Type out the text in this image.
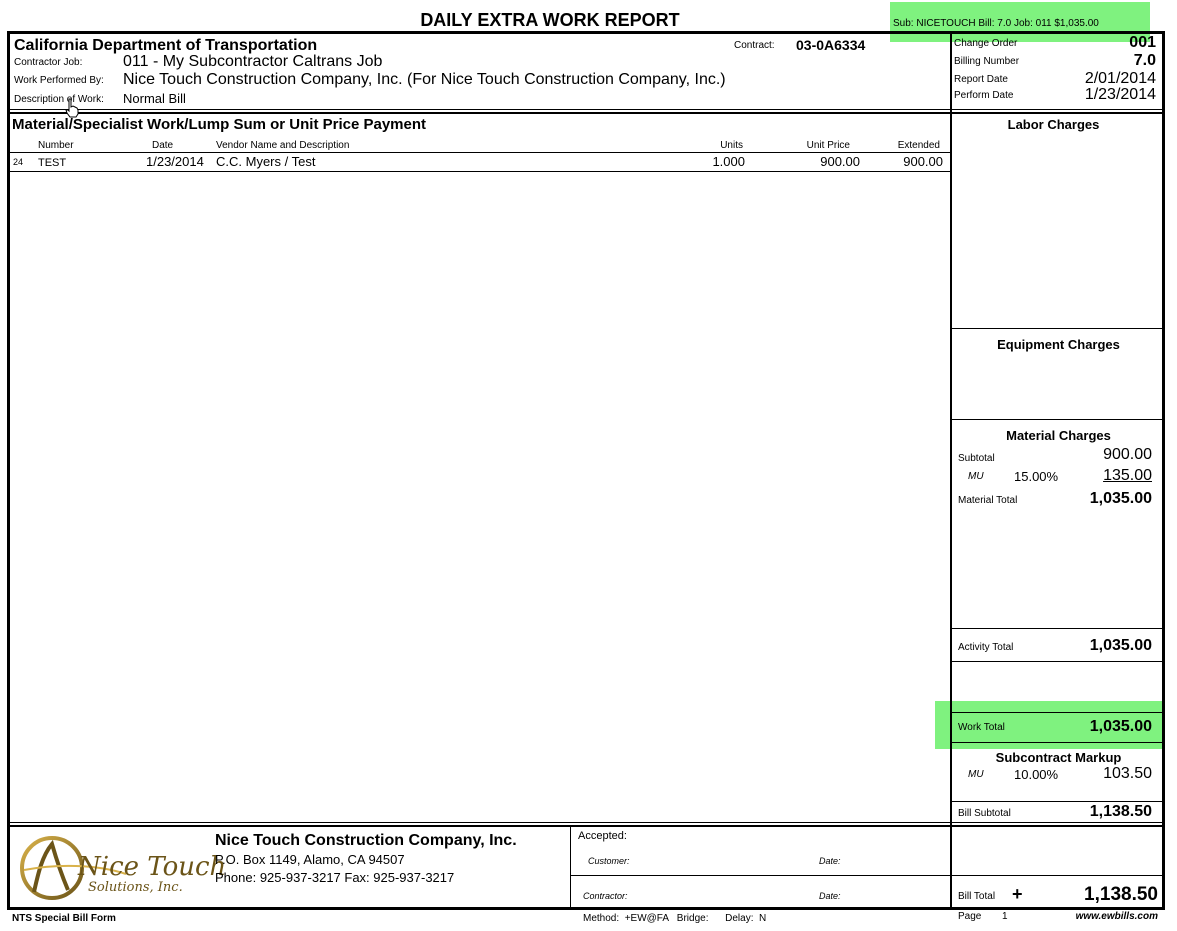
DAILY EXTRA WORK REPORT	Sub: NICETOUCH Bill: 7.0 Job: 011 $1,035.00
California Department of Transportation	Contract: 03-0A6334
Contractor Job:	011 - My Subcontractor Caltrans Job
Work Performed By: Nice Touch Construction Company, Inc. (For Nice Touch Construction Company, Inc.)
Description of Work: Normal Bill
Change Order	001
Billing Number	7.0
Report Date	2/01/2014
Perform Date	1/23/2014
Material/Specialist Work/Lump Sum or Unit Price Payment
Number	Date	Vendor Name and Description	Units	Unit Price	Extended
24 TEST	1/23/2014 C.C. Myers / Test	1.000	900.00	900.00
Labor Charges
Equipment Charges
Material Charges
Subtotal	900.00
MU 15.00%	135.00
Material Total	1,035.00
Activity Total	1,035.00
Work Total	1,035.00
Subcontract Markup
MU 10.00%	103.50
Bill Subtotal	1,138.50
Bill Total +	1,138.50
Nice Touch
Solutions, Inc.
Nice Touch Construction Company, Inc.
P.O. Box 1149, Alamo, CA 94507
Phone: 925-937-3217 Fax: 925-937-3217
Accepted:
Customer:	Date:
Contractor:	Date:
NTS Special Bill Form	Method:  +EW@FA   Bridge:      Delay:  N	Page 1	www.ewbills.com
